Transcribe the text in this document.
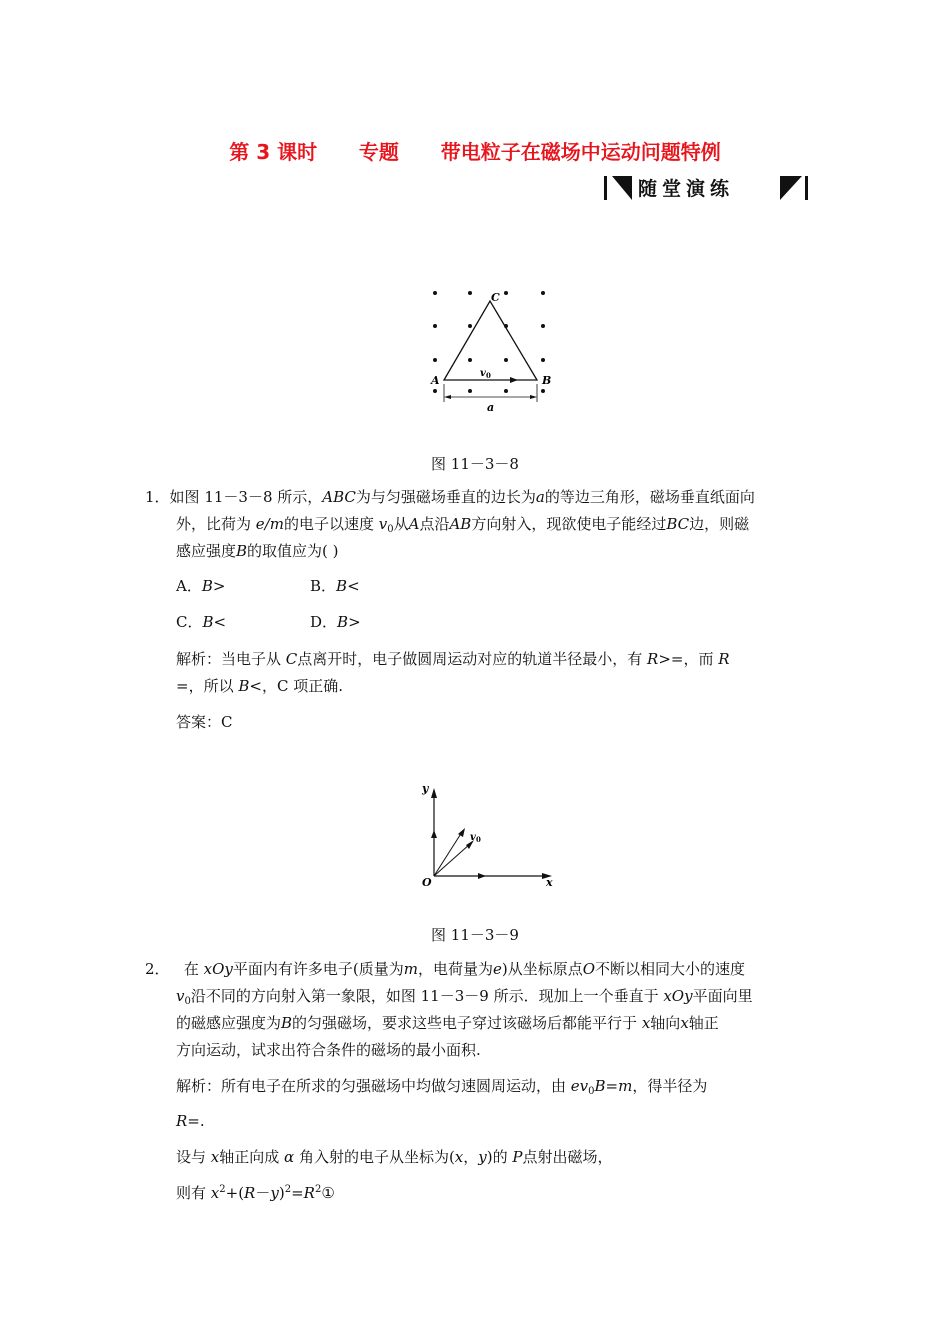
第 3 课时      专题      带电粒子在磁场中运动问题特例
随堂演练
C
A	B
v 0
a
图 11－3－8
1．如图 11－3－8 所示，ABC为与匀强磁场垂直的边长为a的等边三角形，磁场垂直纸面向
外，比荷为 e/m的电子以速度 $v_0$从A点沿AB方向射入，现欲使电子能经过BC边，则磁
感应强度B的取值应为( )
A．B>	B．B<
C．B<	D．B>
解析：当电子从 C点离开时，电子做圆周运动对应的轨道半径最小，有 R>=，而 R
=，所以 B<，C 项正确.
答案：C
y
x
O
v 0
图 11－3－9
2． 在 xOy平面内有许多电子(质量为m，电荷量为e)从坐标原点O不断以相同大小的速度
$v_0$沿不同的方向射入第一象限，如图 11－3－9 所示．现加上一个垂直于 xOy平面向里
的磁感应强度为B的匀强磁场，要求这些电子穿过该磁场后都能平行于 x轴向x轴正
方向运动，试求出符合条件的磁场的最小面积.
解析：所有电子在所求的匀强磁场中均做匀速圆周运动，由 $ev_0B=m$，得半径为
R=.
设与 x轴正向成 α 角入射的电子从坐标为(x，y)的 P点射出磁场，
则有 $x^2+(R-y)^2=R^2①$
